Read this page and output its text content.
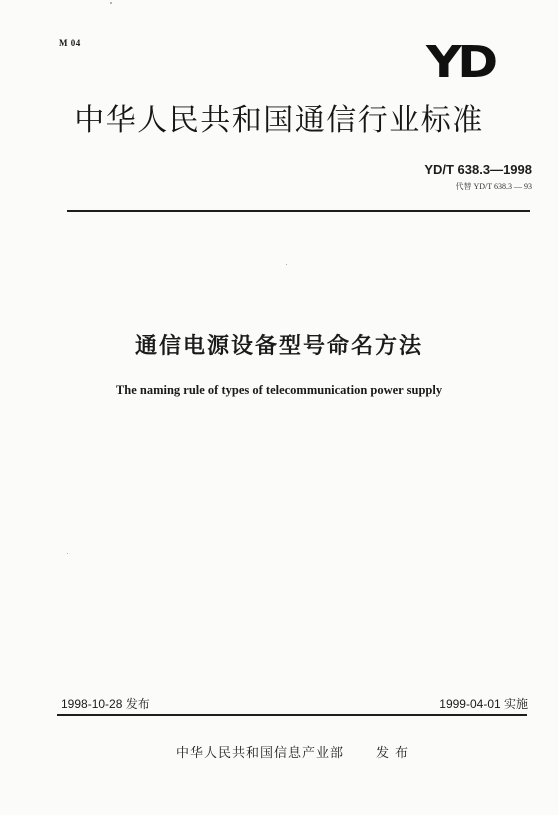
M 04	YD
中华人民共和国通信行业标准
YD/T 638.3—1998
代替 YD/T 638.3 — 93
通信电源设备型号命名方法
The naming rule of types of telecommunication power supply
1998-10-28 发布	1999-04-01 实施
中华人民共和国信息产业部 发布
